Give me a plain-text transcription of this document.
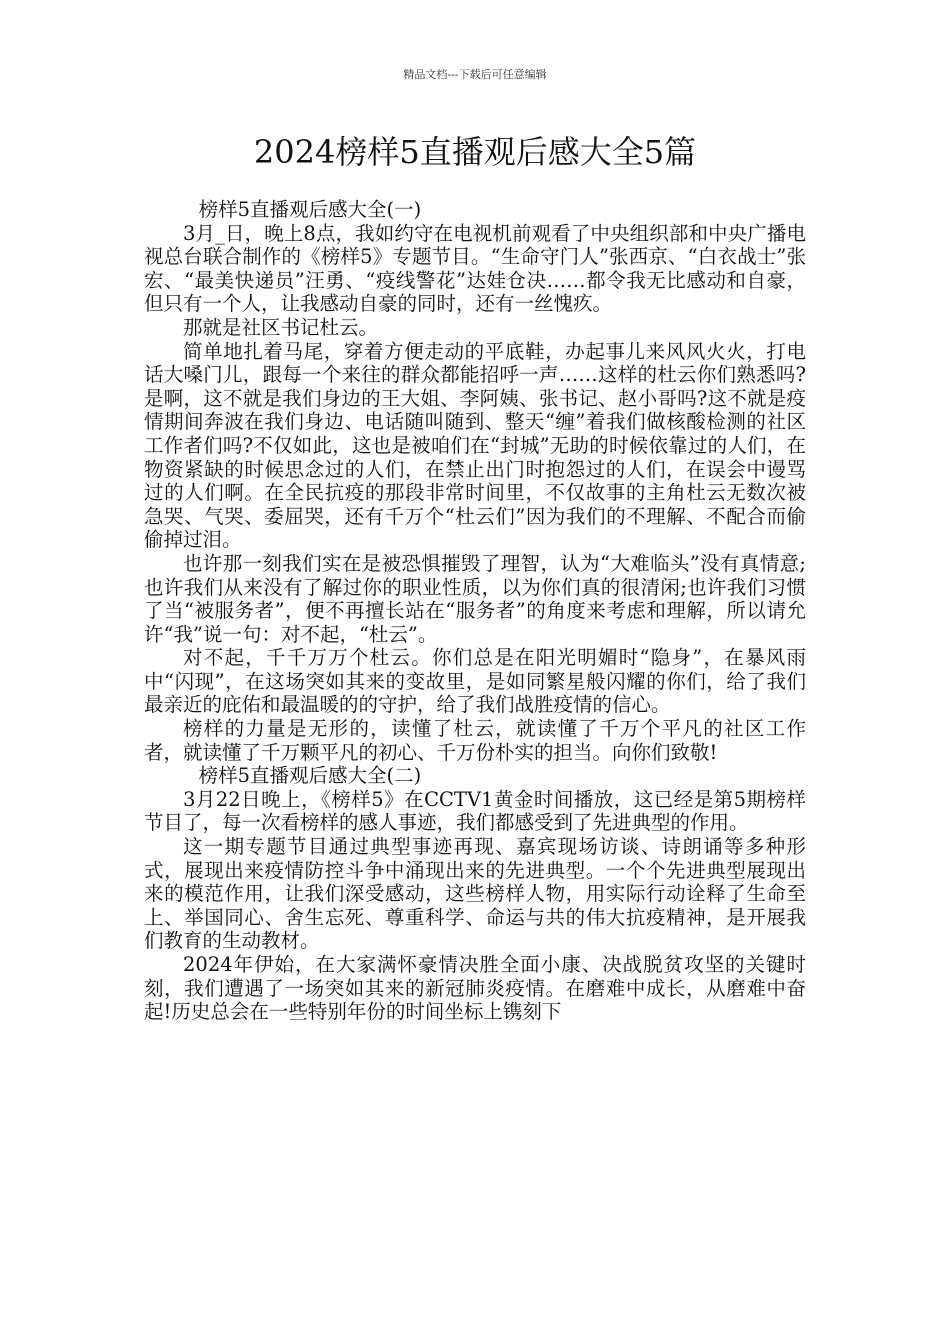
精品文档---下载后可任意编辑
2024榜样5直播观后感大全5篇

榜样5直播观后感大全(一)

3月_日，晚上8点，我如约守在电视机前观看了中央组织部和中央广播电视总台联合制作的《榜样5》专题节目。“生命守门人”张西京、“白衣战士”张宏、“最美快递员”汪勇、“疫线警花”达娃仓决……都令我无比感动和自豪，但只有一个人，让我感动自豪的同时，还有一丝愧疚。

那就是社区书记杜云。

简单地扎着马尾，穿着方便走动的平底鞋，办起事儿来风风火火，打电话大嗓门儿，跟每一个来往的群众都能招呼一声……这样的杜云你们熟悉吗?是啊，这不就是我们身边的王大姐、李阿姨、张书记、赵小哥吗?这不就是疫情期间奔波在我们身边、电话随叫随到、整天“缠”着我们做核酸检测的社区工作者们吗?不仅如此，这也是被咱们在“封城”无助的时候依靠过的人们，在物资紧缺的时候思念过的人们，在禁止出门时抱怨过的人们，在误会中谩骂过的人们啊。在全民抗疫的那段非常时间里，不仅故事的主角杜云无数次被急哭、气哭、委屈哭，还有千万个“杜云们”因为我们的不理解、不配合而偷偷掉过泪。

也许那一刻我们实在是被恐惧摧毁了理智，认为“大难临头”没有真情意;也许我们从来没有了解过你的职业性质，以为你们真的很清闲;也许我们习惯了当“被服务者”，便不再擅长站在“服务者”的角度来考虑和理解，所以请允许“我”说一句：对不起，“杜云”。

对不起，千千万万个杜云。你们总是在阳光明媚时“隐身”，在暴风雨中“闪现”，在这场突如其来的变故里，是如同繁星般闪耀的你们，给了我们最亲近的庇佑和最温暖的的守护，给了我们战胜疫情的信心。

榜样的力量是无形的，读懂了杜云，就读懂了千万个平凡的社区工作者，就读懂了千万颗平凡的初心、千万份朴实的担当。向你们致敬!

榜样5直播观后感大全(二)

3月22日晚上，《榜样5》在CCTV1黄金时间播放，这已经是第5期榜样节目了，每一次看榜样的感人事迹，我们都感受到了先进典型的作用。

这一期专题节目通过典型事迹再现、嘉宾现场访谈、诗朗诵等多种形式，展现出来疫情防控斗争中涌现出来的先进典型。一个个先进典型展现出来的模范作用，让我们深受感动，这些榜样人物，用实际行动诠释了生命至上、举国同心、舍生忘死、尊重科学、命运与共的伟大抗疫精神，是开展我们教育的生动教材。

2024年伊始，在大家满怀豪情决胜全面小康、决战脱贫攻坚的关键时刻，我们遭遇了一场突如其来的新冠肺炎疫情。在磨难中成长，从磨难中奋起!历史总会在一些特别年份的时间坐标上镌刻下
